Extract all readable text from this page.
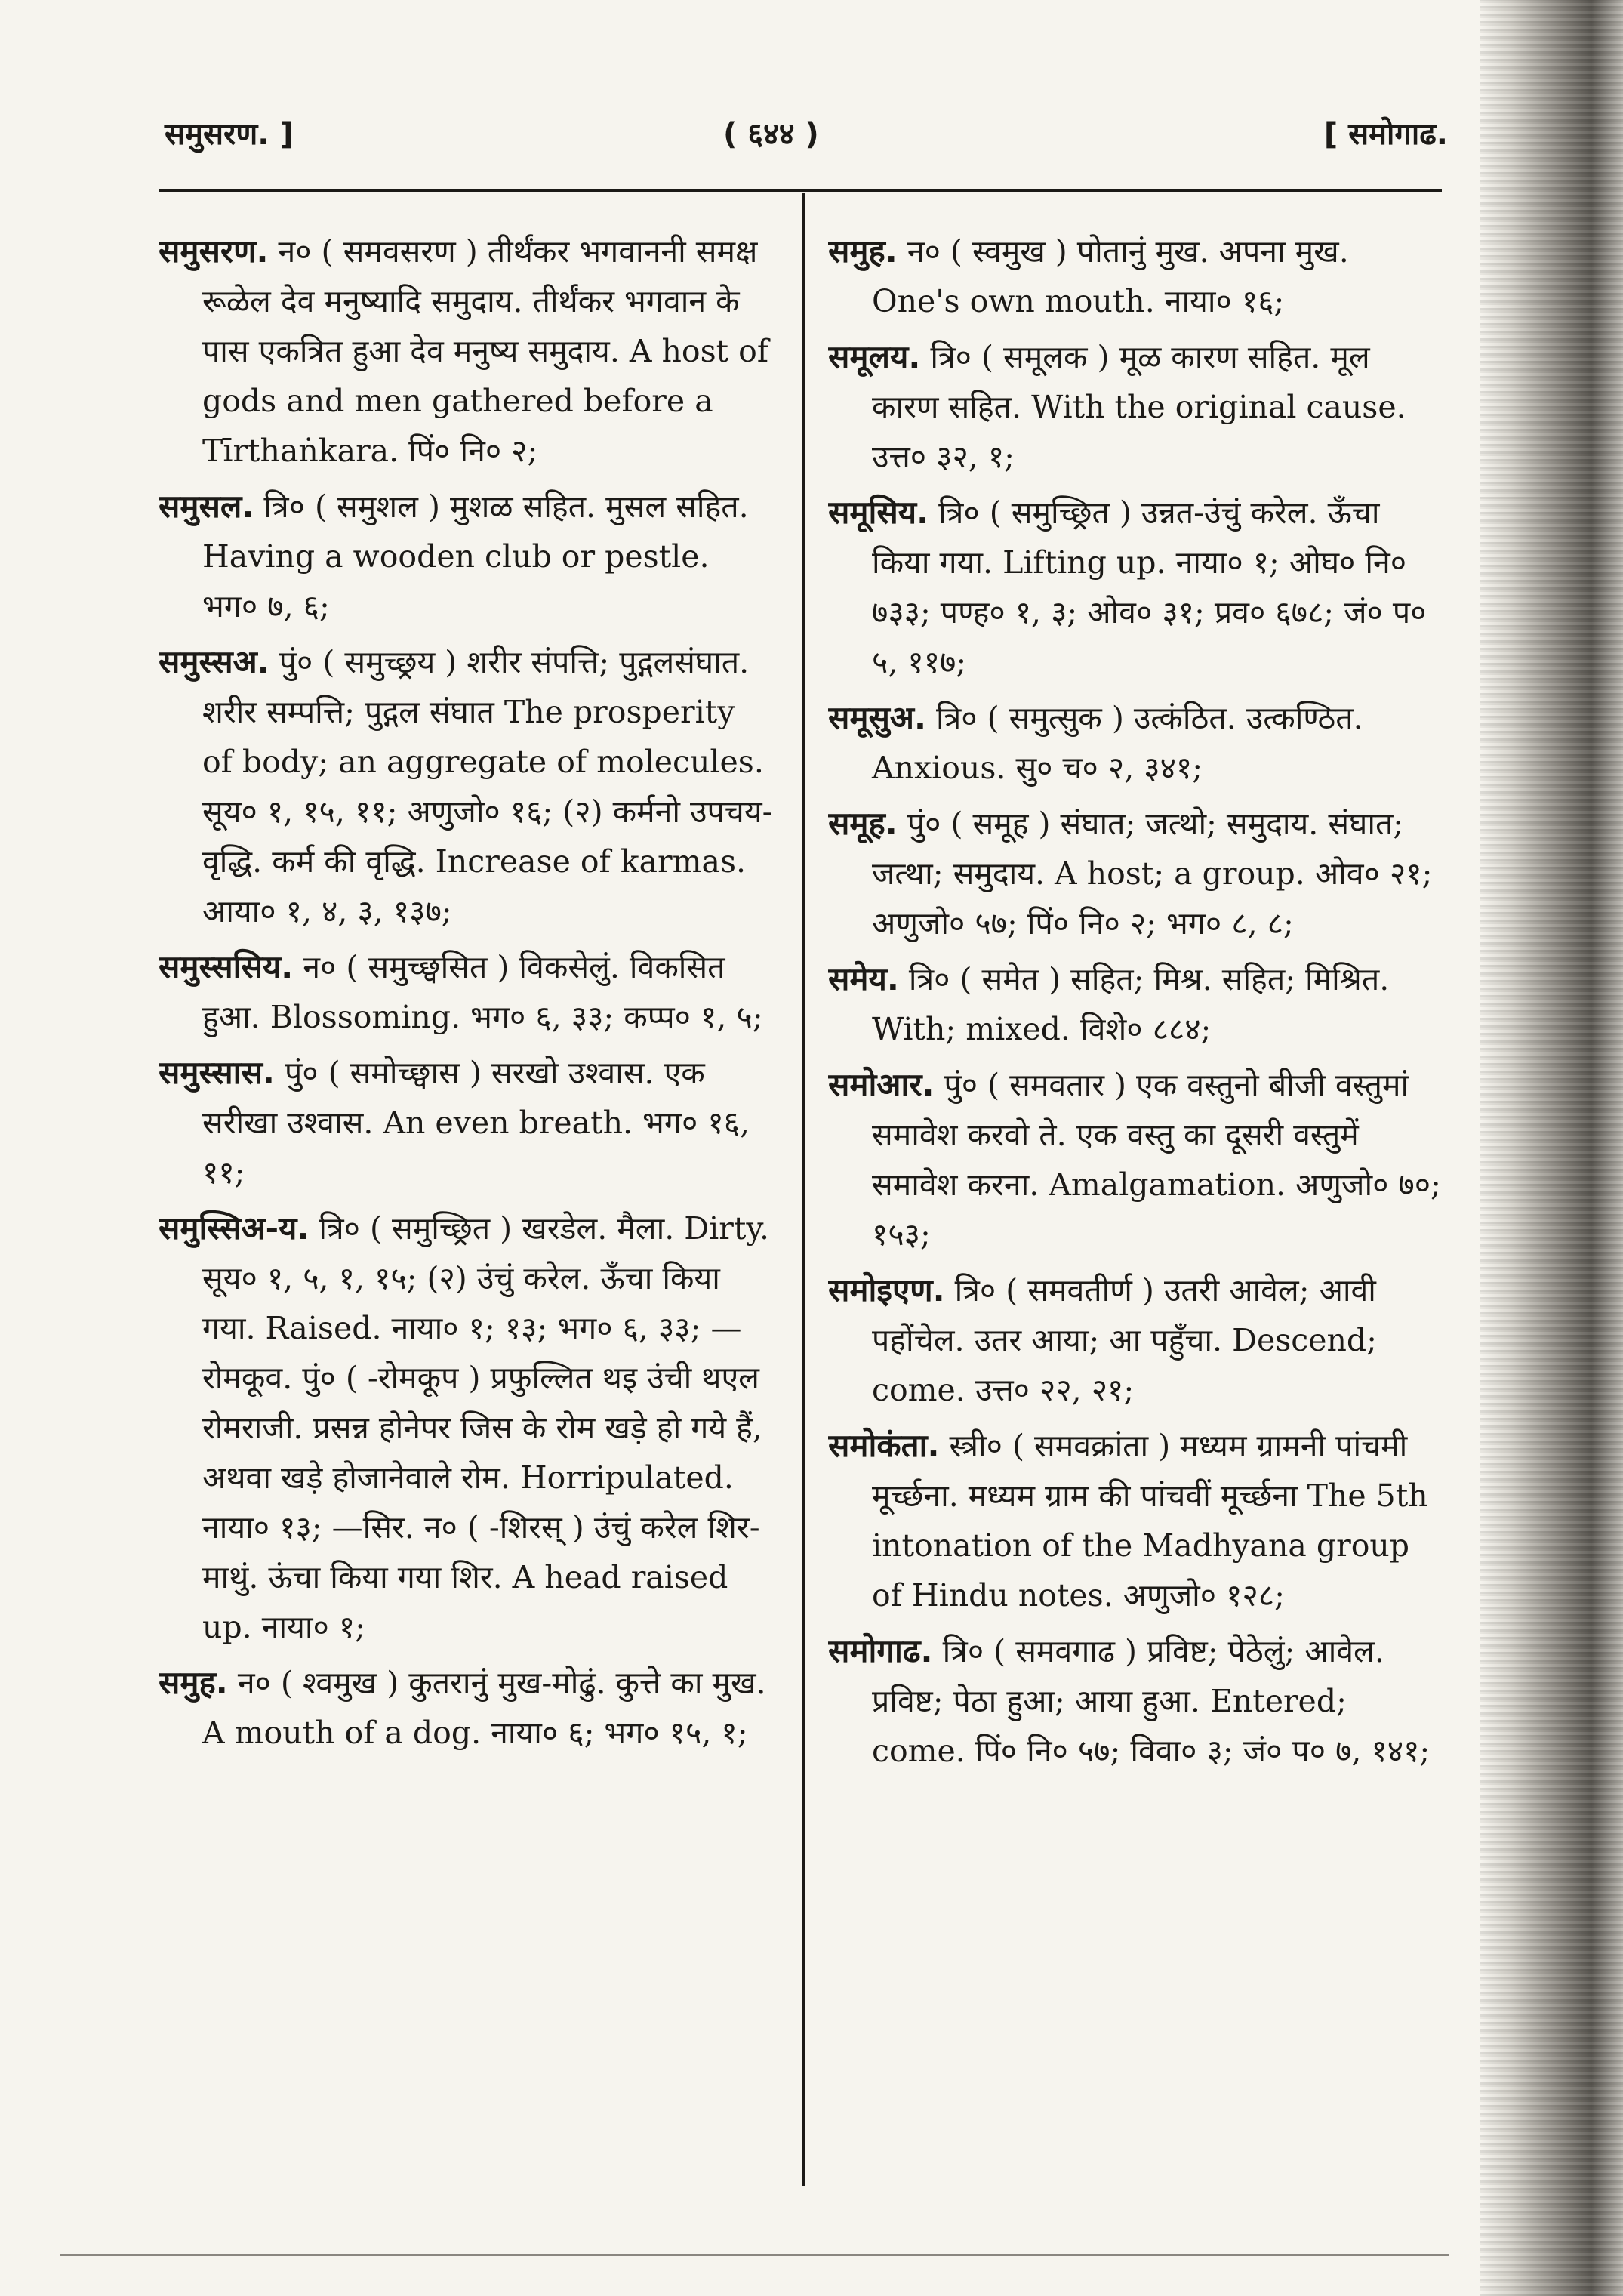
समुसरण. ]	( ६४४ )	[ समोगाढ.

समुसरण. न० ( समवसरण ) तीर्थंकर भगवाननी समक्ष रूळेल देव मनुष्यादि समुदाय. तीर्थंकर भगवान के पास एकत्रित हुआ देव मनुष्य समुदाय. A host of gods and men gathered before a Tīrthaṅkara. पिं० नि० २;

समुसल. त्रि० ( समुशल ) मुशळ सहित. मुसल सहित. Having a wooden club or pestle. भग० ७, ६;

समुस्सअ. पुं० ( समुच्छ्रय ) शरीर संपत्ति; पुद्गलसंघात. शरीर सम्पत्ति; पुद्गल संघात The prosperity of body; an aggregate of molecules. सूय० १, १५, ११; अणुजो० १६; (२) कर्मनो उपचय-वृद्धि. कर्म की वृद्धि. Increase of karmas. आया० १, ४, ३, १३७;

समुस्ससिय. न० ( समुच्छ्वसित ) विकसेलुं. विकसित हुआ. Blossoming. भग० ६, ३३; कप्प० १, ५;

समुस्सास. पुं० ( समोच्छ्वास ) सरखो उश्वास. एक सरीखा उश्वास. An even breath. भग० १६, ११;

समुस्सिअ-य. त्रि० ( समुच्छ्रित ) खरडेल. मैला. Dirty. सूय० १, ५, १, १५; (२) उंचुं करेल. ऊँचा किया गया. Raised. नाया० १; १३; भग० ६, ३३; —रोमकूव. पुं० ( -रोमकूप ) प्रफुल्लित थइ उंची थएल रोमराजी. प्रसन्न होनेपर जिस के रोम खड़े हो गये हैं, अथवा खड़े होजानेवाले रोम. Horripulated. नाया० १३; —सिर. न० ( -शिरस् ) उंचुं करेल शिर-माथुं. ऊंचा किया गया शिर. A head raised up. नाया० १;

समुह. न० ( श्वमुख ) कुतरानुं मुख-मोढुं. कुत्ते का मुख. A mouth of a dog. नाया० ६; भग० १५, १;

समुह. न० ( स्वमुख ) पोतानुं मुख. अपना मुख. One's own mouth. नाया० १६;

समूलय. त्रि० ( समूलक ) मूळ कारण सहित. मूल कारण सहित. With the original cause. उत्त० ३२, १;

समूसिय. त्रि० ( समुच्छ्रित ) उन्नत-उंचुं करेल. ऊँचा किया गया. Lifting up. नाया० १; ओघ० नि० ७३३; पण्ह० १, ३; ओव० ३१; प्रव० ६७८; जं० प० ५, ११७;

समूसुअ. त्रि० ( समुत्सुक ) उत्कंठित. उत्कण्ठित. Anxious. सु० च० २, ३४१;

समूह. पुं० ( समूह ) संघात; जत्थो; समुदाय. संघात; जत्था; समुदाय. A host; a group. ओव० २१; अणुजो० ५७; पिं० नि० २; भग० ८, ८;

समेय. त्रि० ( समेत ) सहित; मिश्र. सहित; मिश्रित. With; mixed. विशे० ८८४;

समोआर. पुं० ( समवतार ) एक वस्तुनो बीजी वस्तुमां समावेश करवो ते. एक वस्तु का दूसरी वस्तुमें समावेश करना. Amalgamation. अणुजो० ७०; १५३;

समोइएण. त्रि० ( समवतीर्ण ) उतरी आवेल; आवी पहोंचेल. उतर आया; आ पहुँचा. Descend; come. उत्त० २२, २१;

समोकंता. स्त्री० ( समवक्रांता ) मध्यम ग्रामनी पांचमी मूर्च्छना. मध्यम ग्राम की पांचवीं मूर्च्छना The 5th intonation of the Madhyana group of Hindu notes. अणुजो० १२८;

समोगाढ. त्रि० ( समवगाढ ) प्रविष्ट; पेठेलुं; आवेल. प्रविष्ट; पेठा हुआ; आया हुआ. Entered; come. पिं० नि० ५७; विवा० ३; जं० प० ७, १४१;
